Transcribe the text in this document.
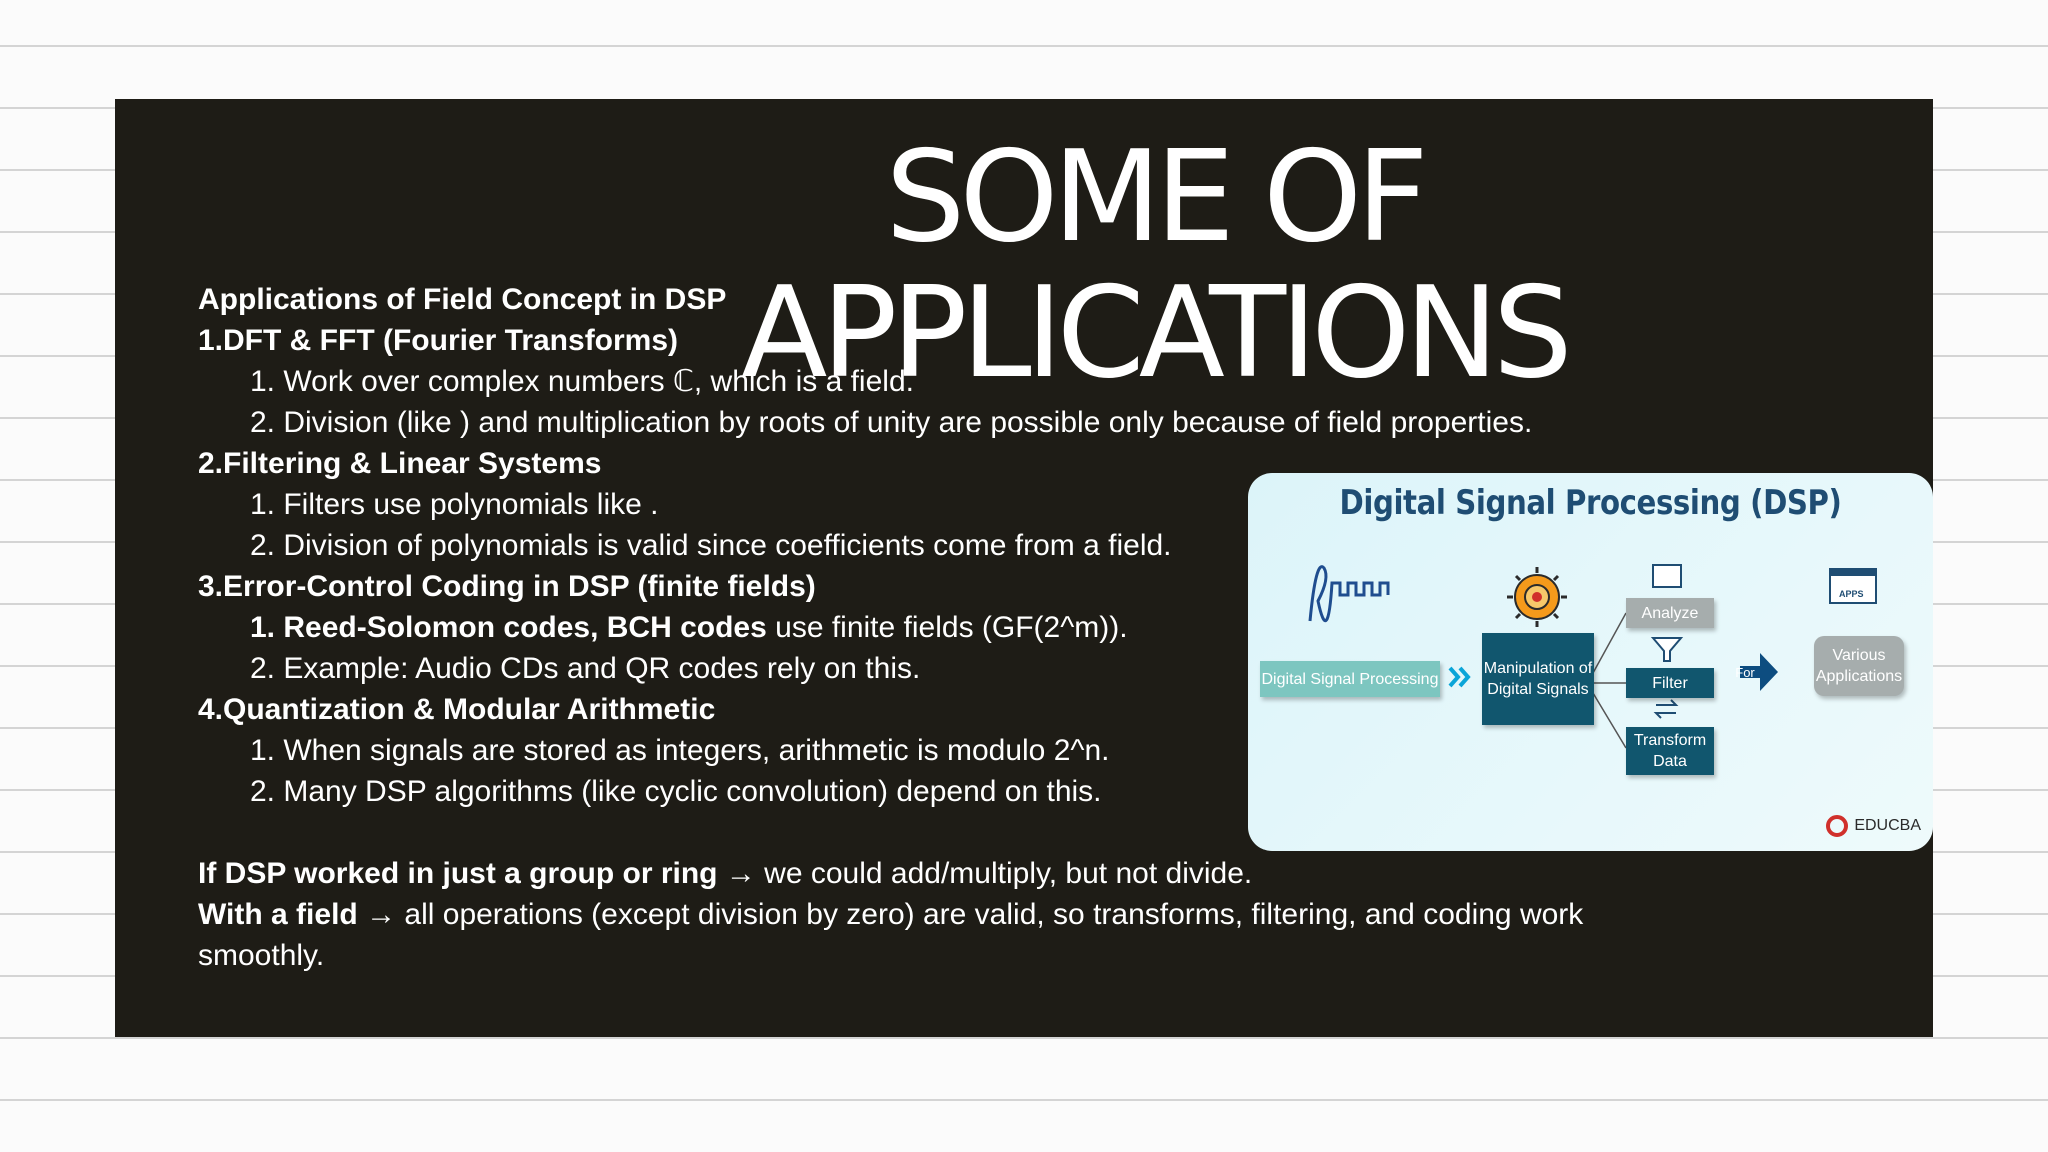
Applications of Field Concept in DSP
1.DFT & FFT (Fourier Transforms)
1. Work over complex numbers ℂ, which is a field.
2. Division (like ) and multiplication by roots of unity are possible only because of field properties.
2.Filtering & Linear Systems
1. Filters use polynomials like .
2. Division of polynomials is valid since coefficients come from a field.
3.Error-Control Coding in DSP (finite fields)
1. Reed-Solomon codes, BCH codes use finite fields (GF(2^m)).
2. Example: Audio CDs and QR codes rely on this.
4.Quantization & Modular Arithmetic
1. When signals are stored as integers, arithmetic is modulo 2^n.
2. Many DSP algorithms (like cyclic convolution) depend on this.
If DSP worked in just a group or ring → we could add/multiply, but not divide.
With a field → all operations (except division by zero) are valid, so transforms, filtering, and coding work smoothly.
SOME OF
APPLICATIONS
Digital Signal Processing (DSP)
APPS
Digital Signal Processing
Manipulation of Digital Signals
Analyze
Filter
Transform Data
For
Various Applications
EDUCBA
